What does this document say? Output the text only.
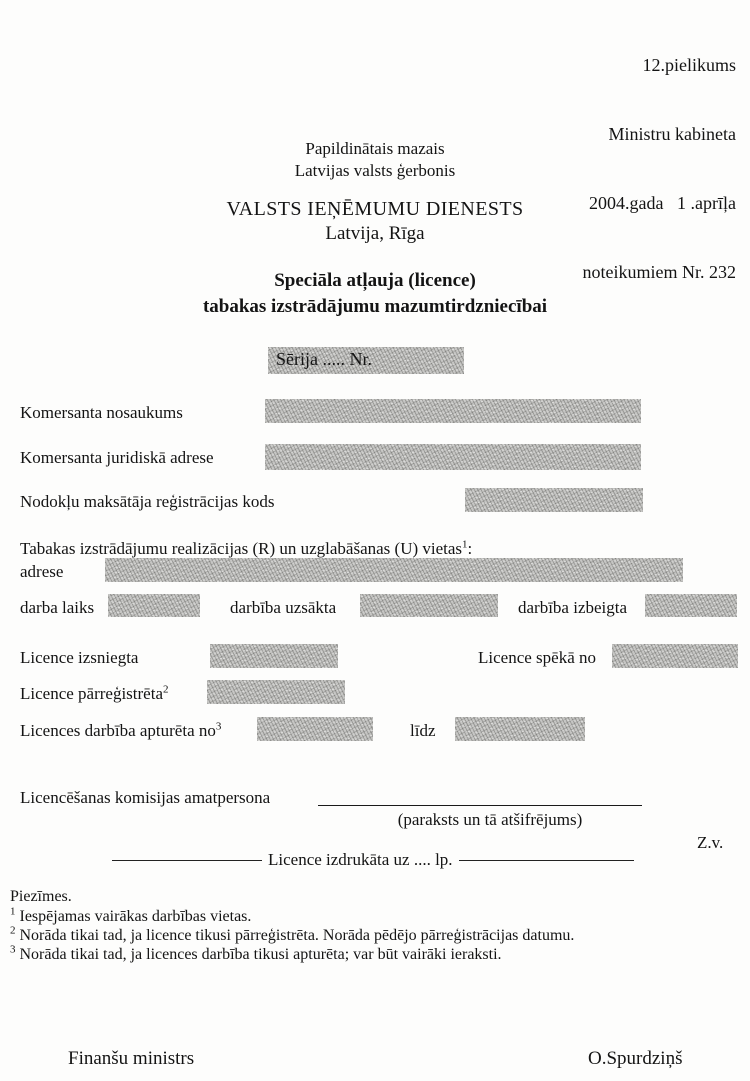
12.pielikums

Ministru kabineta

2004.gada   1 .aprīļa

noteikumiem Nr. 232

Papildinātais mazais
Latvijas valsts ģerbonis
VALSTS IEŅĒMUMU DIENESTS
Latvija, Rīga
Speciāla atļauja (licence)
tabakas izstrādājumu mazumtirdzniecībai
Sērija ..... Nr.
Komersanta nosaukums
Komersanta juridiskā adrese
Nodokļu maksātāja reģistrācijas kods
Tabakas izstrādājumu realizācijas (R) un uzglabāšanas (U) vietas$^1$:
adrese
darba laiks	darbība uzsākta	darbība izbeigta
Licence izsniegta	Licence spēkā no
Licence pārreģistrēta$^2$
Licences darbība apturēta $no^3$	līdz
Licencēšanas komisijas amatpersona
(paraksts un tā atšifrējums)
Z.v.
Licence izdrukāta uz .... lp.
Piezīmes.
$^1$ Iespējamas vairākas darbības vietas.
$^2$ Norāda tikai tad, ja licence tikusi pārreģistrēta. Norāda pēdējo pārreģistrācijas datumu.
$^3$ Norāda tikai tad, ja licences darbība tikusi apturēta; var būt vairāki ieraksti.
Finanšu ministrs	O.Spurdziņš
